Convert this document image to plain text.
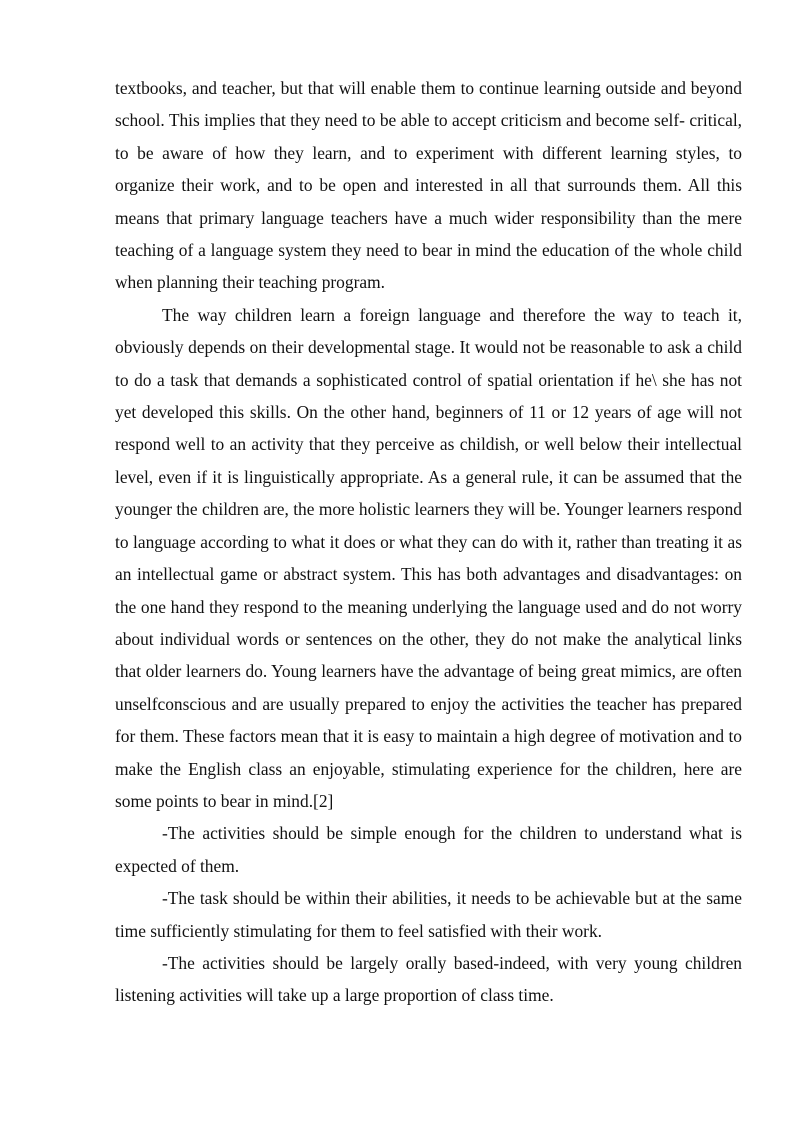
textbooks, and teacher, but that will enable them to continue learning outside and beyond school. This implies that they need to be able to accept criticism and become self- critical, to be aware of how they learn, and to experiment with different learning styles, to organize their work, and to be open and interested in all that surrounds them. All this means that primary language teachers have a much wider responsibility than the mere teaching of a language system they need to bear in mind the education of the whole child when planning their teaching program.

The way children learn a foreign language and therefore the way to teach it, obviously depends on their developmental stage. It would not be reasonable to ask a child to do a task that demands a sophisticated control of spatial orientation if he\ she has not yet developed this skills. On the other hand, beginners of 11 or 12 years of age will not respond well to an activity that they perceive as childish, or well below their intellectual level, even if it is linguistically appropriate. As a general rule, it can be assumed that the younger the children are, the more holistic learners they will be. Younger learners respond to language according to what it does or what they can do with it, rather than treating it as an intellectual game or abstract system. This has both advantages and disadvantages: on the one hand they respond to the meaning underlying the language used and do not worry about individual words or sentences on the other, they do not make the analytical links that older learners do. Young learners have the advantage of being great mimics, are often unselfconscious and are usually prepared to enjoy the activities the teacher has prepared for them. These factors mean that it is easy to maintain a high degree of motivation and to make the English class an enjoyable, stimulating experience for the children, here are some points to bear in mind.[2]

-The activities should be simple enough for the children to understand what is expected of them.

-The task should be within their abilities, it needs to be achievable but at the same time sufficiently stimulating for them to feel satisfied with their work.

-The activities should be largely orally based-indeed, with very young children listening activities will take up a large proportion of class time.
